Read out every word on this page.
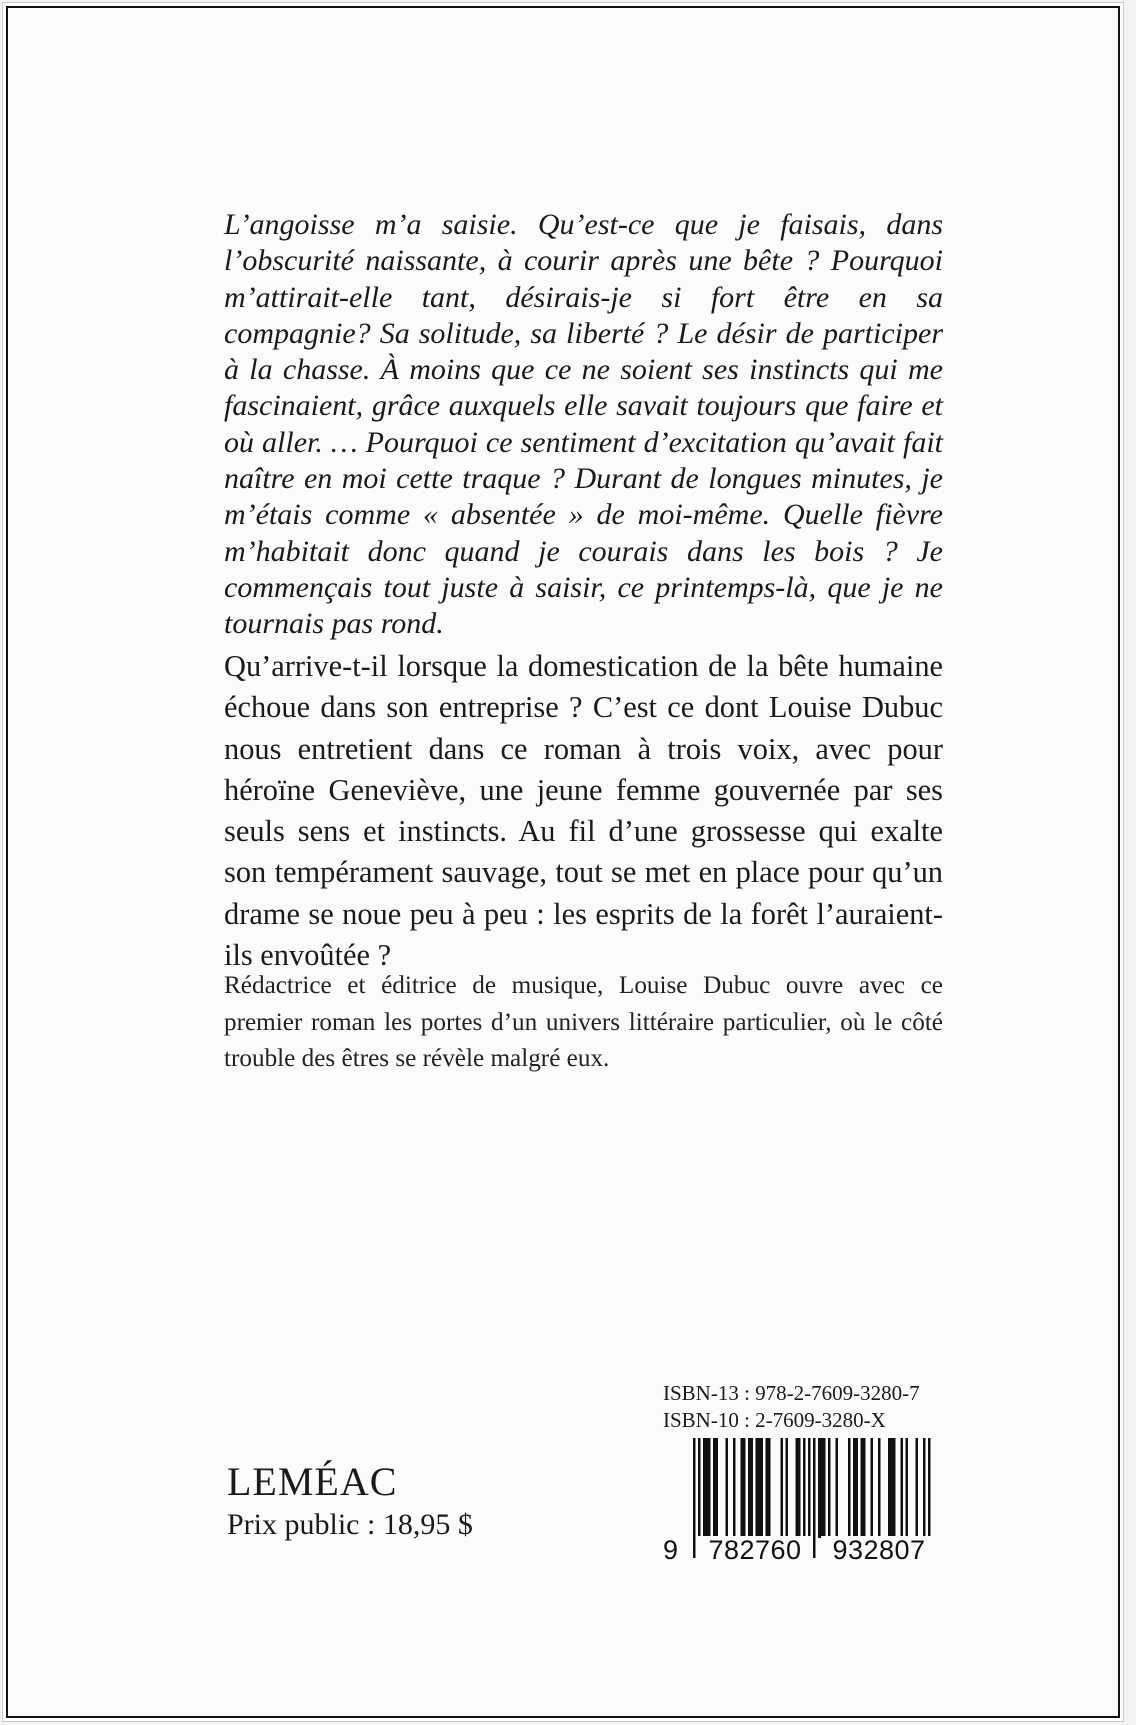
L’angoisse m’a saisie. Qu’est-ce que je faisais, dans l’obscurité naissante, à courir après une bête ? Pourquoi m’attirait-elle tant, désirais-je si fort être en sa compagnie? Sa solitude, sa liberté ? Le désir de participer à la chasse. À moins que ce ne soient ses instincts qui me fascinaient, grâce auxquels elle savait toujours que faire et où aller. … Pourquoi ce sentiment d’excitation qu’avait fait naître en moi cette traque ? Durant de longues minutes, je m’étais comme « absentée » de moi-même. Quelle fièvre m’habitait donc quand je courais dans les bois ? Je commençais tout juste à saisir, ce printemps-là, que je ne tournais pas rond.

Qu’arrive-t-il lorsque la domestication de la bête humaine échoue dans son entreprise ? C’est ce dont Louise Dubuc nous entretient dans ce roman à trois voix, avec pour héroïne Geneviève, une jeune femme gouvernée par ses seuls sens et instincts. Au fil d’une grossesse qui exalte son tempérament sauvage, tout se met en place pour qu’un drame se noue peu à peu : les esprits de la forêt l’auraient-ils envoûtée ?

Rédactrice et éditrice de musique, Louise Dubuc ouvre avec ce premier roman les portes d’un univers littéraire particulier, où le côté trouble des êtres se révèle malgré eux.

LEMÉAC
Prix public : 18,95 $
ISBN-13 : 978-2-7609-3280-7
ISBN-10 : 2-7609-3280-X
9	782760	932807
